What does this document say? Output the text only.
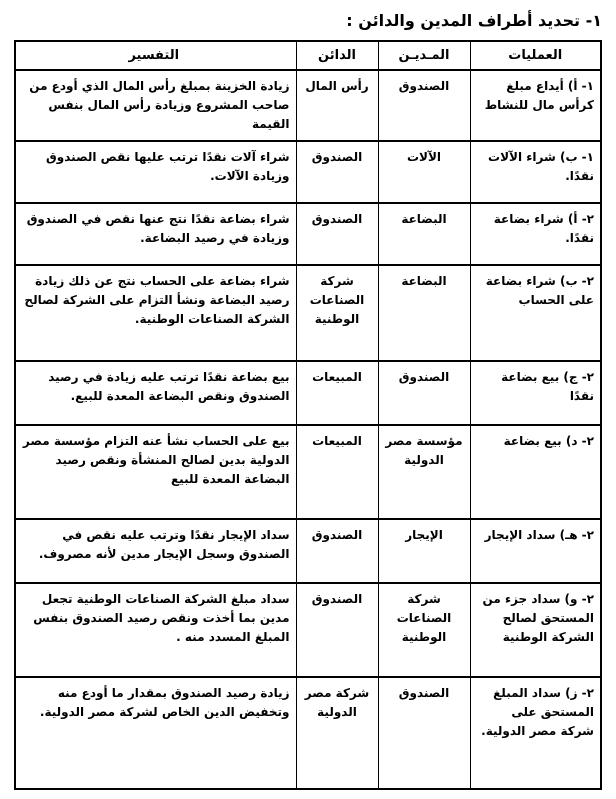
١- تحديد أطراف المدين والدائن :
العمليات	المـديـن	الدائن	التفسير
١- أ) أيداع مبلغ كرأس مال للنشاط	الصندوق	رأس المال	زيادة الخزينة بمبلغ رأس المال الذي أودع من صاحب المشروع وزيادة رأس المال بنفس القيمة
١- ب) شراء الآلات نقدًا.	الآلات	الصندوق	شراء آلات نقدًا ترتب عليها نقص الصندوق وزيادة الآلات.
٢- أ) شراء بضاعة نقدًا.	البضاعة	الصندوق	شراء بضاعة نقدًا نتج عنها نقص في الصندوق وزيادة في رصيد البضاعة.
٢- ب) شراء بضاعة على الحساب	البضاعة	شركة الصناعات الوطنية	شراء بضاعة على الحساب نتج عن ذلك زيادة رصيد البضاعة ونشأ التزام على الشركة لصالح الشركة الصناعات الوطنية.
٢- ج) بيع بضاعة نقدًا	الصندوق	المبيعات	بيع بضاعة نقدًا ترتب عليه زيادة في رصيد الصندوق ونقص البضاعة المعدة للبيع.
٢- د) بيع بضاعة	مؤسسة مصر الدولية	المبيعات	بيع على الحساب نشأ عنه التزام مؤسسة مصر الدولية بدين لصالح المنشأة ونقص رصيد البضاعة المعدة للبيع
٢- هـ) سداد الإيجار	الإيجار	الصندوق	سداد الإيجار نقدًا وترتب عليه نقص في الصندوق وسجل الإيجار مدين لأنه مصروف.
٢- و) سداد جزء من المستحق لصالح الشركة الوطنية	شركة الصناعات الوطنية	الصندوق	سداد مبلغ الشركة الصناعات الوطنية تجعل مدين بما أخذت ونقص رصيد الصندوق بنفس المبلغ المسدد منه .
٢- ز) سداد المبلغ المستحق على شركة مصر الدولية.	الصندوق	شركة مصر الدولية	زيادة رصيد الصندوق بمقدار ما أودع منه وتخفيض الدين الخاص لشركة مصر الدولية.
